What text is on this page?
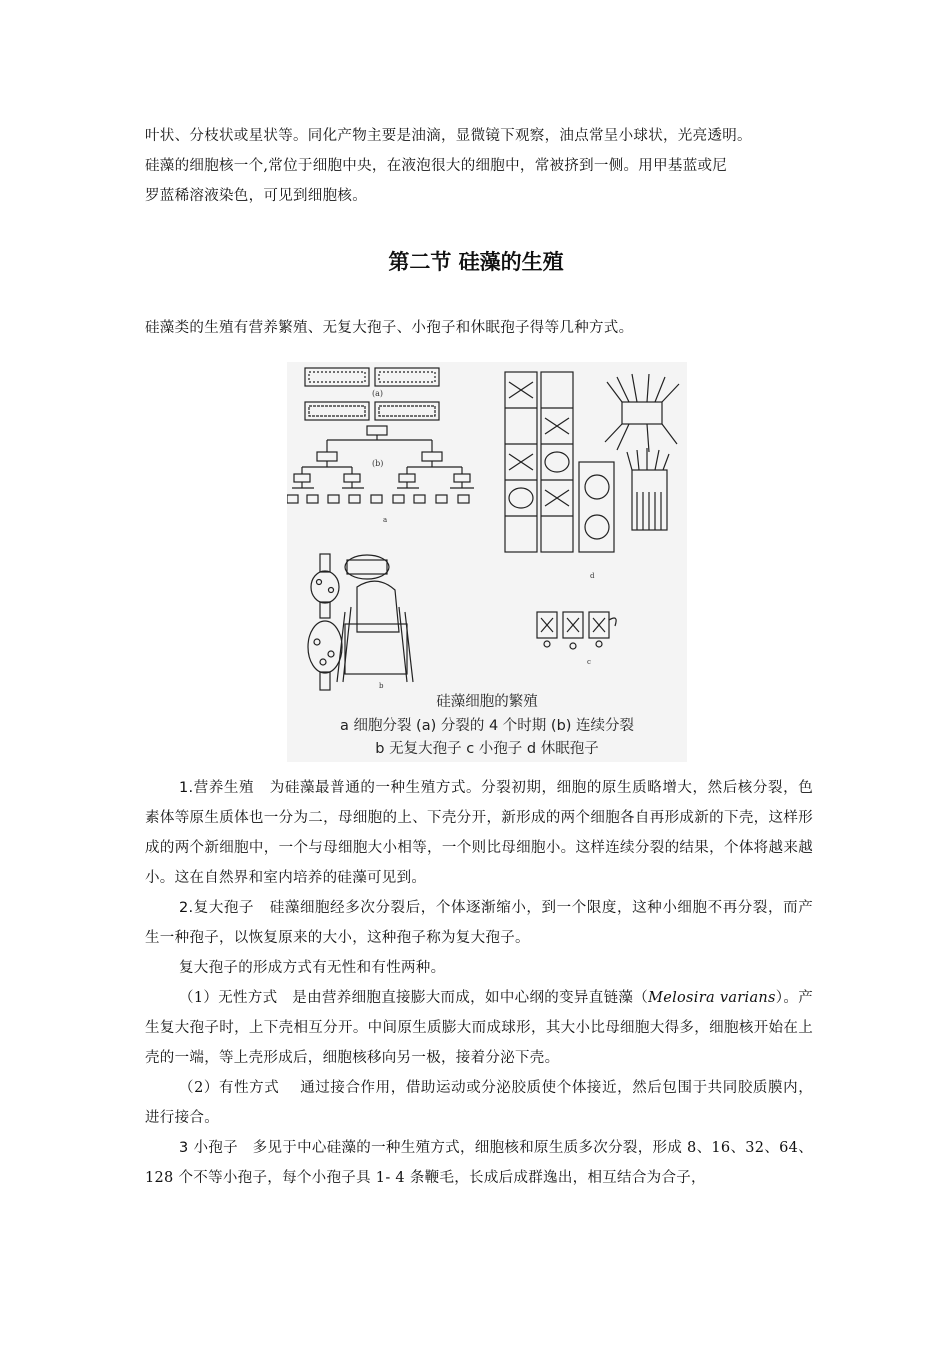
叶状、分枝状或星状等。同化产物主要是油滴，显微镜下观察，油点常呈小球状，光亮透明。

硅藻的细胞核一个,常位于细胞中央，在液泡很大的细胞中，常被挤到一侧。用甲基蓝或尼

罗蓝稀溶液染色，可见到细胞核。

第二节 硅藻的生殖

硅藻类的生殖有营养繁殖、无复大孢子、小孢子和休眠孢子得等几种方式。

(a)
(b)
a
d
b
c
硅藻细胞的繁殖
a 细胞分裂 (a) 分裂的 4 个时期 (b) 连续分裂
b 无复大孢子 c 小孢子 d 休眠孢子

1.营养生殖 为硅藻最普通的一种生殖方式。分裂初期，细胞的原生质略增大，然后核分裂，色素体等原生质体也一分为二，母细胞的上、下壳分开，新形成的两个细胞各自再形成新的下壳，这样形成的两个新细胞中，一个与母细胞大小相等，一个则比母细胞小。这样连续分裂的结果，个体将越来越小。这在自然界和室内培养的硅藻可见到。

2.复大孢子 硅藻细胞经多次分裂后，个体逐渐缩小，到一个限度，这种小细胞不再分裂，而产生一种孢子，以恢复原来的大小，这种孢子称为复大孢子。

复大孢子的形成方式有无性和有性两种。

（1）无性方式 是由营养细胞直接膨大而成，如中心纲的变异直链藻（Melosira varians）。产生复大孢子时，上下壳相互分开。中间原生质膨大而成球形，其大小比母细胞大得多，细胞核开始在上壳的一端，等上壳形成后，细胞核移向另一极，接着分泌下壳。

（2）有性方式 通过接合作用，借助运动或分泌胶质使个体接近，然后包围于共同胶质膜内，进行接合。

3 小孢子 多见于中心硅藻的一种生殖方式，细胞核和原生质多次分裂，形成 8、16、32、64、128 个不等小孢子，每个小孢子具 1- 4 条鞭毛，长成后成群逸出，相互结合为合子，
